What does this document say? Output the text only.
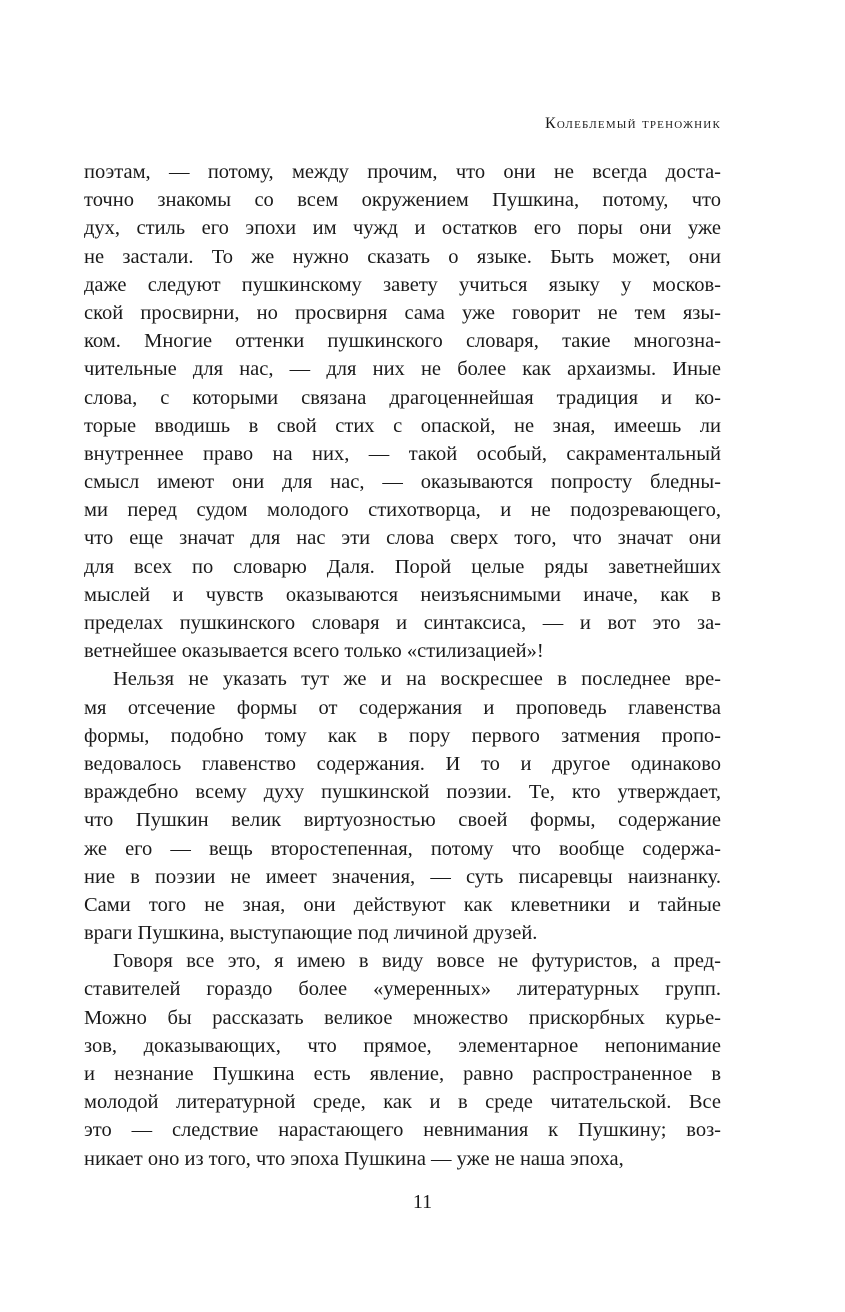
Колеблемый треножник
поэтам, — потому, между прочим, что они не всегда доста-
точно знакомы со всем окружением Пушкина, потому, что
дух, стиль его эпохи им чужд и остатков его поры они уже
не застали. То же нужно сказать о языке. Быть может, они
даже следуют пушкинскому завету учиться языку у москов-
ской просвирни, но просвирня сама уже говорит не тем язы-
ком. Многие оттенки пушкинского словаря, такие многозна-
чительные для нас, — для них не более как архаизмы. Иные
слова, с которыми связана драгоценнейшая традиция и ко-
торые вводишь в свой стих с опаской, не зная, имеешь ли
внутреннее право на них, — такой особый, сакраментальный
смысл имеют они для нас, — оказываются попросту бледны-
ми перед судом молодого стихотворца, и не подозревающего,
что еще значат для нас эти слова сверх того, что значат они
для всех по словарю Даля. Порой целые ряды заветнейших
мыслей и чувств оказываются неизъяснимыми иначе, как в
пределах пушкинского словаря и синтаксиса, — и вот это за-
ветнейшее оказывается всего только «стилизацией»!
Нельзя не указать тут же и на воскресшее в последнее вре-
мя отсечение формы от содержания и проповедь главенства
формы, подобно тому как в пору первого затмения пропо-
ведовалось главенство содержания. И то и другое одинаково
враждебно всему духу пушкинской поэзии. Те, кто утверждает,
что Пушкин велик виртуозностью своей формы, содержание
же его — вещь второстепенная, потому что вообще содержа-
ние в поэзии не имеет значения, — суть писаревцы наизнанку.
Сами того не зная, они действуют как клеветники и тайные
враги Пушкина, выступающие под личиной друзей.
Говоря все это, я имею в виду вовсе не футуристов, а пред-
ставителей гораздо более «умеренных» литературных групп.
Можно бы рассказать великое множество прискорбных курье-
зов, доказывающих, что прямое, элементарное непонимание
и незнание Пушкина есть явление, равно распространенное в
молодой литературной среде, как и в среде читательской. Все
это — следствие нарастающего невнимания к Пушкину; воз-
никает оно из того, что эпоха Пушкина — уже не наша эпоха,
11
